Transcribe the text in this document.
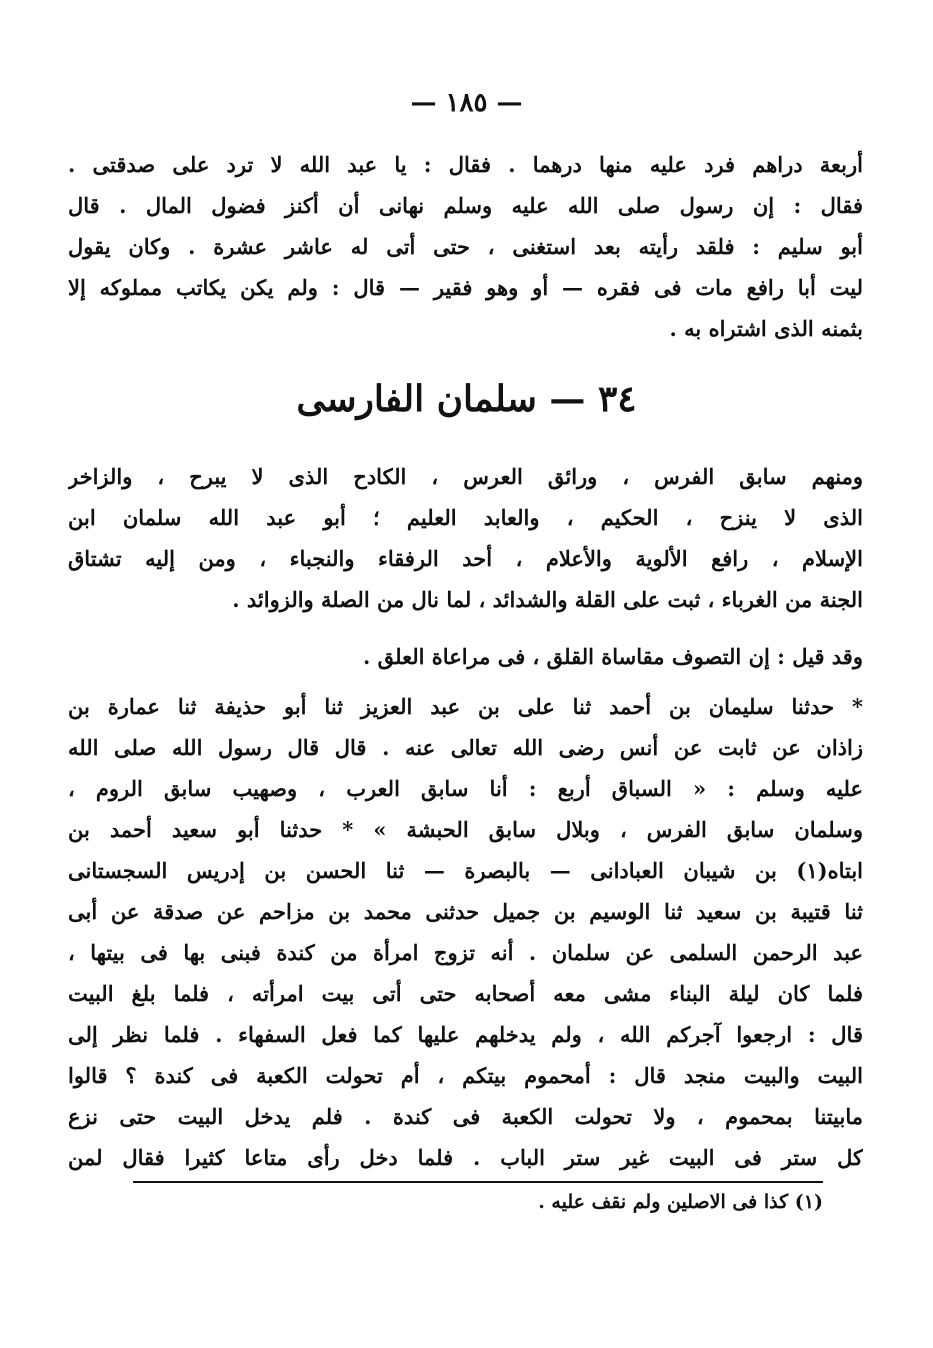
— ١٨٥ —
أربعة دراهم فرد عليه منها درهما . فقال : يا عبد الله لا ترد على صدقتى .
فقال : إن رسول صلى الله عليه وسلم نهانى أن أكنز فضول المال . قال
أبو سليم : فلقد رأيته بعد استغنى ، حتى أتى له عاشر عشرة . وكان يقول
ليت أبا رافع مات فى فقره — أو وهو فقير — قال : ولم يكن يكاتب مملوكه إلا
بثمنه الذى اشتراه به .
٣٤ — سلمان الفارسى
ومنهم سابق الفرس ، ورائق العرس ، الكادح الذى لا يبرح ، والزاخر
الذى لا ينزح ، الحكيم ، والعابد العليم ؛ أبو عبد الله سلمان ابن
الإسلام ، رافع الألوية والأعلام ، أحد الرفقاء والنجباء ، ومن إليه تشتاق
الجنة من الغرباء ، ثبت على القلة والشدائد ، لما نال من الصلة والزوائد .
وقد قيل : إن التصوف مقاساة القلق ، فى مراعاة العلق .
* حدثنا سليمان بن أحمد ثنا على بن عبد العزيز ثنا أبو حذيفة ثنا عمارة بن
زاذان عن ثابت عن أنس رضى الله تعالى عنه . قال قال رسول الله صلى الله
عليه وسلم : « السباق أربع : أنا سابق العرب ، وصهيب سابق الروم ،
وسلمان سابق الفرس ، وبلال سابق الحبشة » * حدثنا أبو سعيد أحمد بن
ابتاه(١) بن شيبان العبادانى — بالبصرة — ثنا الحسن بن إدريس السجستانى
ثنا قتيبة بن سعيد ثنا الوسيم بن جميل حدثنى محمد بن مزاحم عن صدقة عن أبى
عبد الرحمن السلمى عن سلمان . أنه تزوج امرأة من كندة فبنى بها فى بيتها ،
فلما كان ليلة البناء مشى معه أصحابه حتى أتى بيت امرأته ، فلما بلغ البيت
قال : ارجعوا آجركم الله ، ولم يدخلهم عليها كما فعل السفهاء . فلما نظر إلى
البيت والبيت منجد قال : أمحموم بيتكم ، أم تحولت الكعبة فى كندة ؟ قالوا
مابيتنا بمحموم ، ولا تحولت الكعبة فى كندة . فلم يدخل البيت حتى نزع
كل ستر فى البيت غير ستر الباب . فلما دخل رأى متاعا كثيرا فقال لمن
(١) كذا فى الاصلين ولم نقف عليه .
